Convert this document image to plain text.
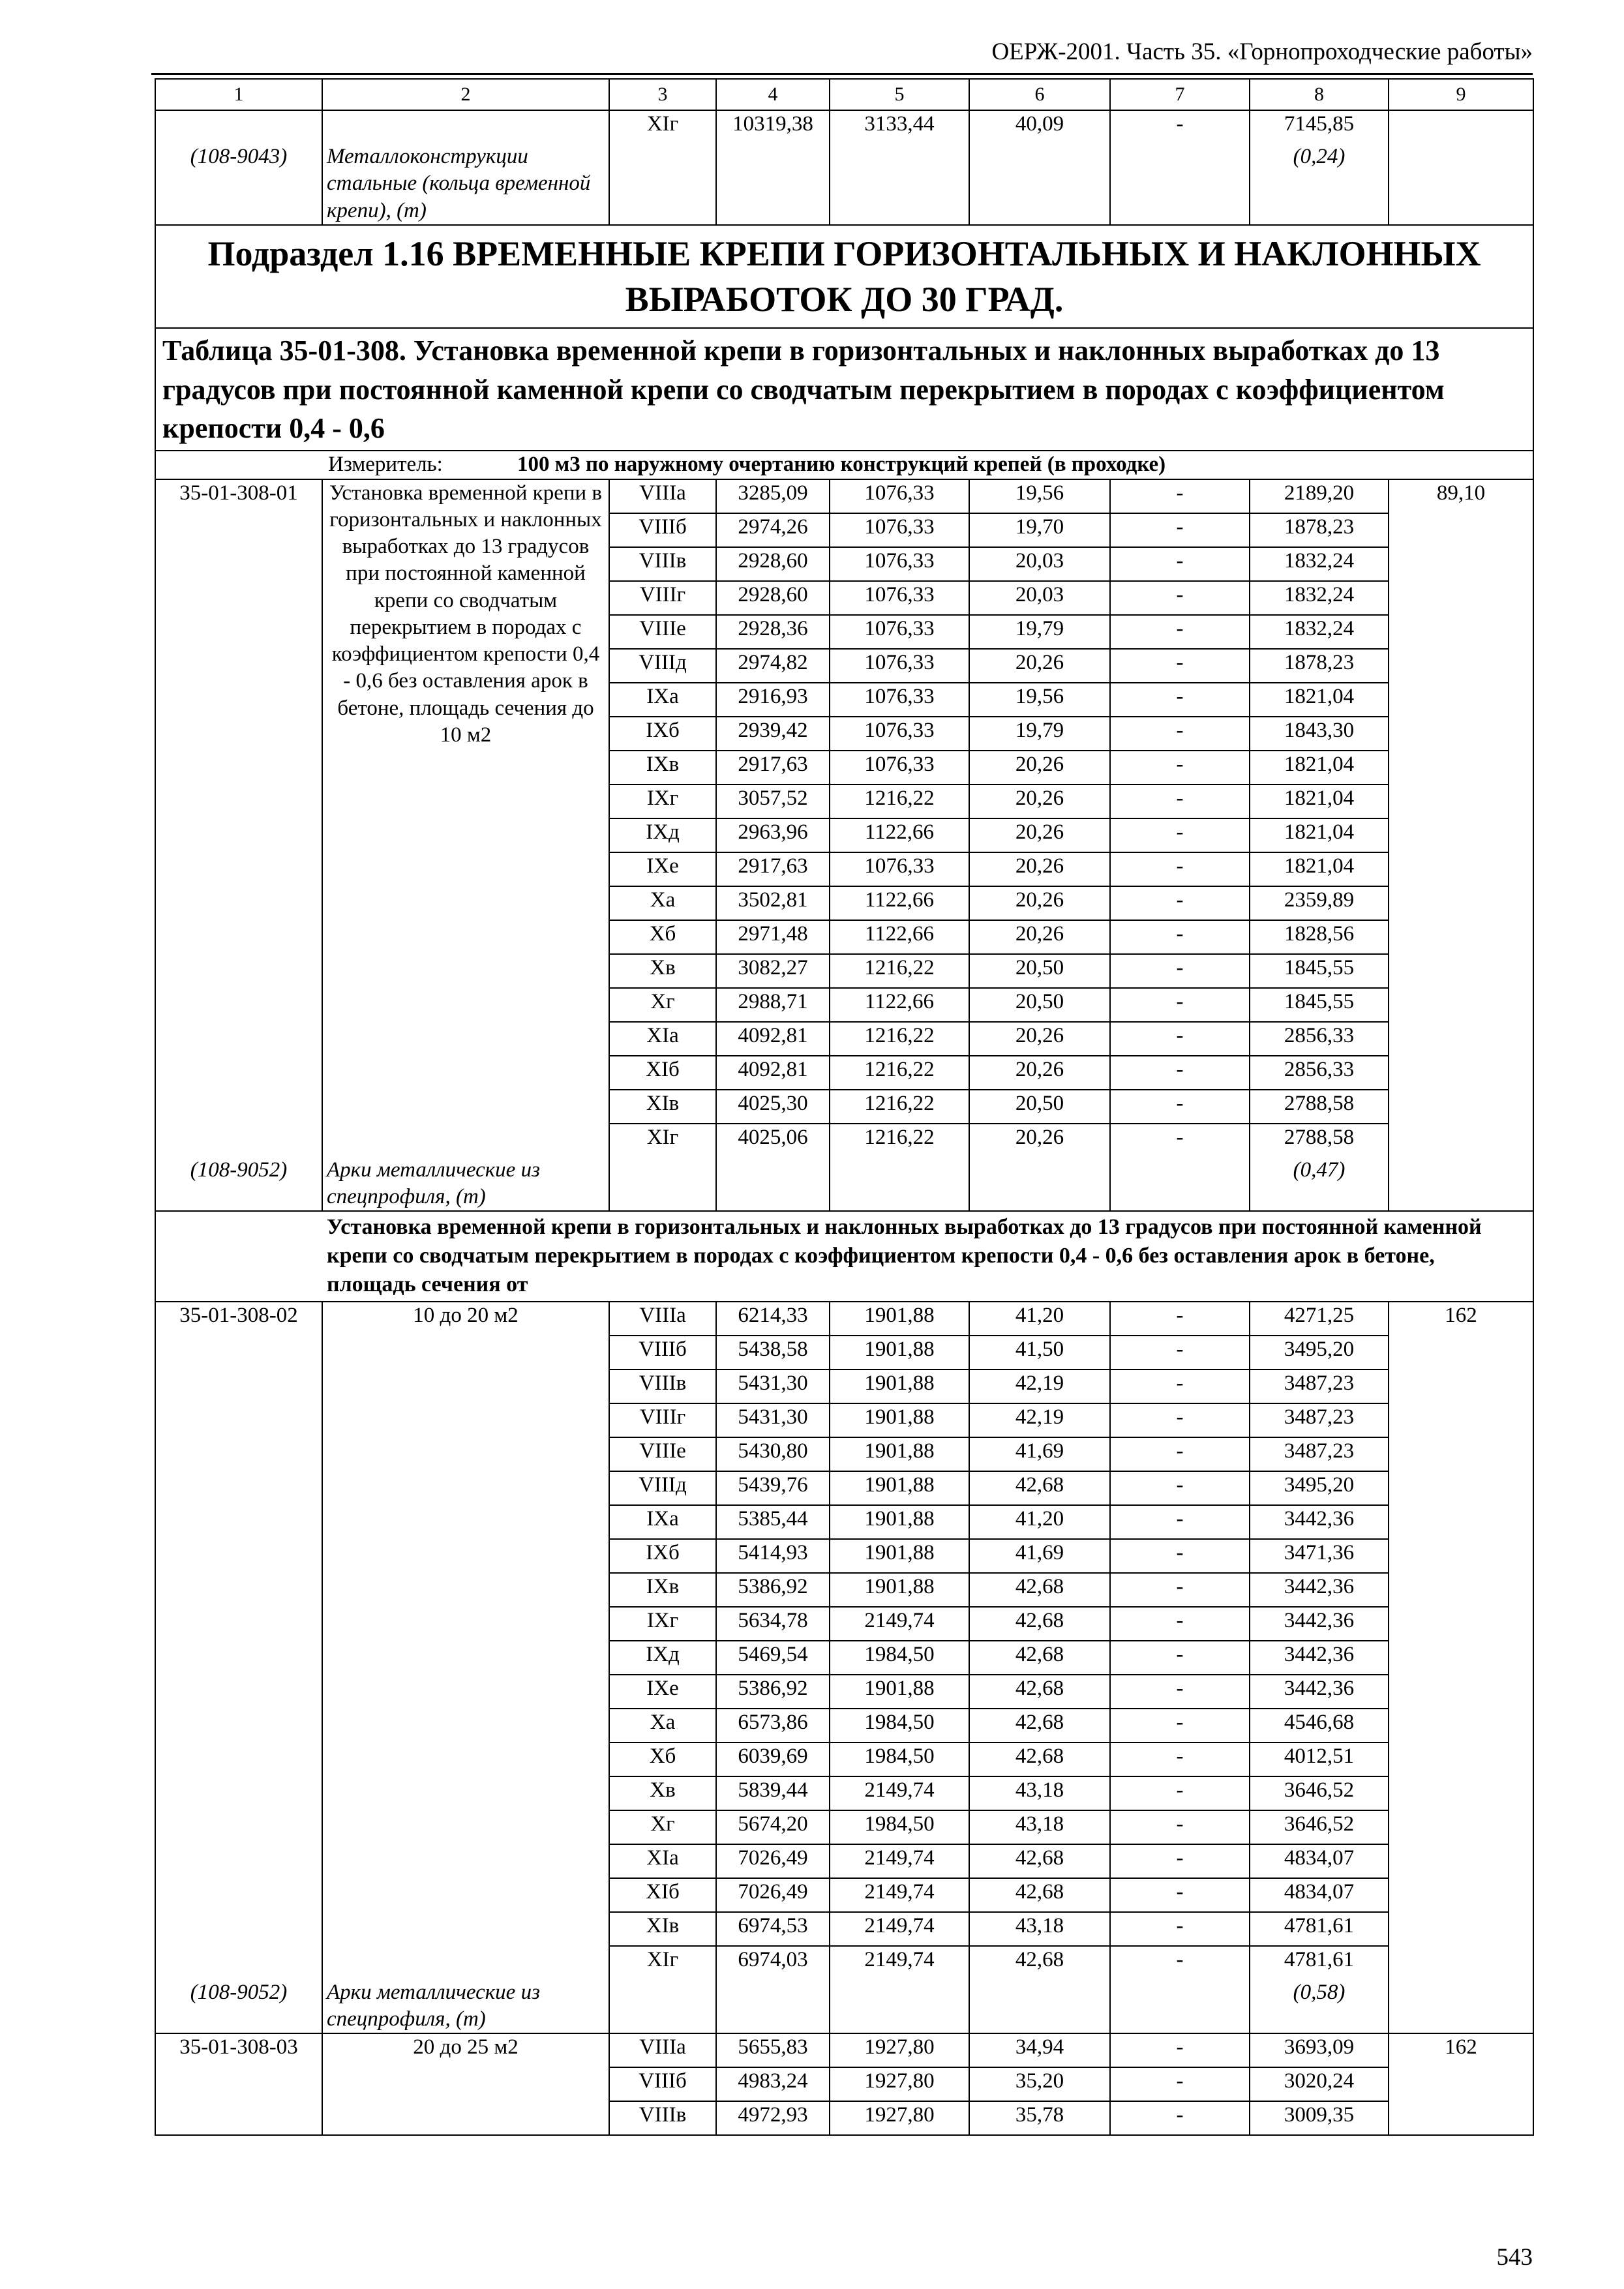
ОЕРЖ-2001. Часть 35. «Горнопроходческие работы»
1	2	3	4	5	6	7	8	9
		XIг	10319,38	3133,44	40,09	-	7145,85	
(108-9043)	Металлоконструкции стальные (кольца временной крепи), (т)						(0,24)	
Подраздел 1.16 ВРЕМЕННЫЕ КРЕПИ ГОРИЗОНТАЛЬНЫХ И НАКЛОННЫХ ВЫРАБОТОК ДО 30 ГРАД.								
Таблица 35-01-308. Установка временной крепи в горизонтальных и наклонных выработках до 13 градусов при постоянной каменной крепи со сводчатым перекрытием в породах с коэффициентом крепости 0,4 - 0,6								
Измеритель: 100 м3 по наружному очертанию конструкций крепей (в проходке)								
35-01-308-01	Установка временной крепи в горизонтальных и наклонных выработках до 13 градусов при постоянной каменной крепи со сводчатым перекрытием в породах с коэффициентом крепости 0,4 - 0,6 без оставления арок в бетоне, площадь сечения до 10 м2	VIIIа	3285,09	1076,33	19,56	-	2189,20	89,10
		VIIIб	2974,26	1076,33	19,70	-	1878,23	
		VIIIв	2928,60	1076,33	20,03	-	1832,24	
		VIIIг	2928,60	1076,33	20,03	-	1832,24	
		VIIIе	2928,36	1076,33	19,79	-	1832,24	
		VIIIд	2974,82	1076,33	20,26	-	1878,23	
		IXа	2916,93	1076,33	19,56	-	1821,04	
		IXб	2939,42	1076,33	19,79	-	1843,30	
		IXв	2917,63	1076,33	20,26	-	1821,04	
		IXг	3057,52	1216,22	20,26	-	1821,04	
		IXд	2963,96	1122,66	20,26	-	1821,04	
		IXе	2917,63	1076,33	20,26	-	1821,04	
		Xа	3502,81	1122,66	20,26	-	2359,89	
		Xб	2971,48	1122,66	20,26	-	1828,56	
		Xв	3082,27	1216,22	20,50	-	1845,55	
		Xг	2988,71	1122,66	20,50	-	1845,55	
		XIа	4092,81	1216,22	20,26	-	2856,33	
		XIб	4092,81	1216,22	20,26	-	2856,33	
		XIв	4025,30	1216,22	20,50	-	2788,58	
		XIг	4025,06	1216,22	20,26	-	2788,58	
(108-9052)	Арки металлические из спецпрофиля, (т)						(0,47)	
Установка временной крепи в горизонтальных и наклонных выработках до 13 градусов при постоянной каменной крепи со сводчатым перекрытием в породах с коэффициентом крепости 0,4 - 0,6 без оставления арок в бетоне, площадь сечения от								
35-01-308-02	10 до 20 м2	VIIIа	6214,33	1901,88	41,20	-	4271,25	162
		VIIIб	5438,58	1901,88	41,50	-	3495,20	
		VIIIв	5431,30	1901,88	42,19	-	3487,23	
		VIIIг	5431,30	1901,88	42,19	-	3487,23	
		VIIIе	5430,80	1901,88	41,69	-	3487,23	
		VIIIд	5439,76	1901,88	42,68	-	3495,20	
		IXа	5385,44	1901,88	41,20	-	3442,36	
		IXб	5414,93	1901,88	41,69	-	3471,36	
		IXв	5386,92	1901,88	42,68	-	3442,36	
		IXг	5634,78	2149,74	42,68	-	3442,36	
		IXд	5469,54	1984,50	42,68	-	3442,36	
		IXе	5386,92	1901,88	42,68	-	3442,36	
		Xа	6573,86	1984,50	42,68	-	4546,68	
		Xб	6039,69	1984,50	42,68	-	4012,51	
		Xв	5839,44	2149,74	43,18	-	3646,52	
		Xг	5674,20	1984,50	43,18	-	3646,52	
		XIа	7026,49	2149,74	42,68	-	4834,07	
		XIб	7026,49	2149,74	42,68	-	4834,07	
		XIв	6974,53	2149,74	43,18	-	4781,61	
		XIг	6974,03	2149,74	42,68	-	4781,61	
(108-9052)	Арки металлические из спецпрофиля, (т)						(0,58)	
35-01-308-03	20 до 25 м2	VIIIа	5655,83	1927,80	34,94	-	3693,09	162
		VIIIб	4983,24	1927,80	35,20	-	3020,24	
		VIIIв	4972,93	1927,80	35,78	-	3009,35	
543
